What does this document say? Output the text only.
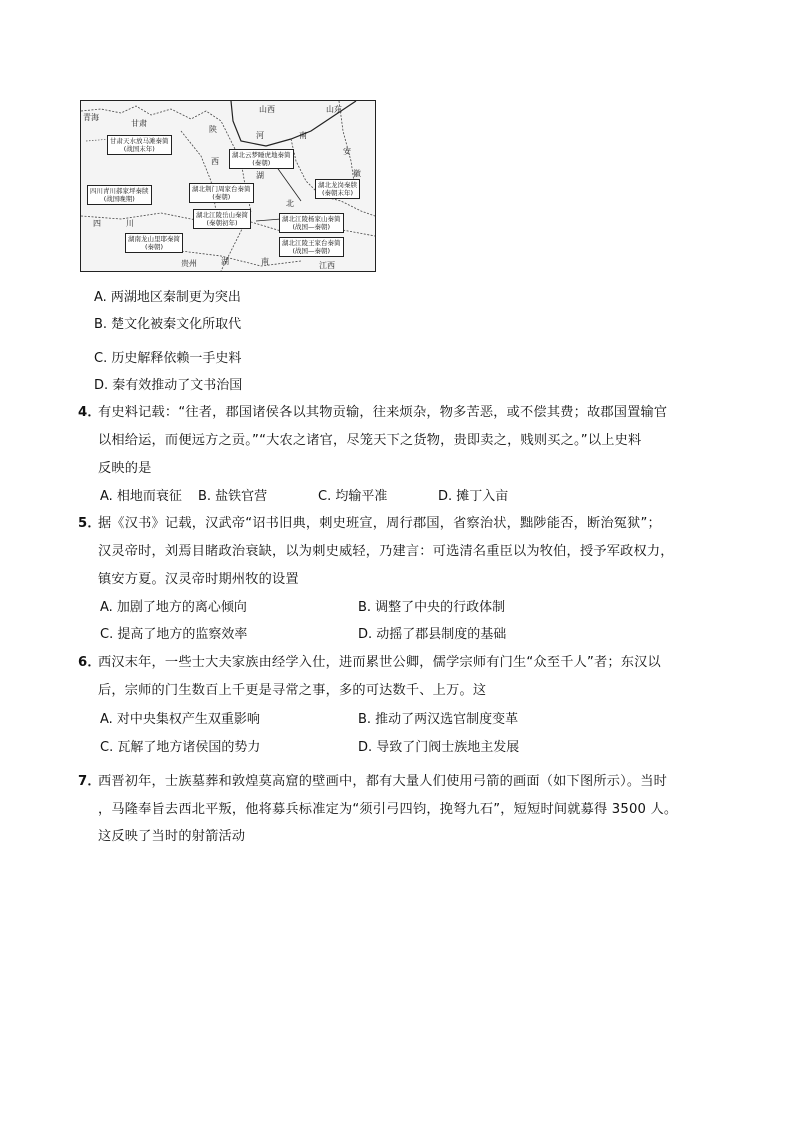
青海
山西	山东
甘肃
陕
河	南
安
西
徽
湖
北
四	川
贵州	湖	南	江西
甘肃天水放马滩秦简
(战国末年)
湖北云梦睡虎地秦简
(秦朝)
四川青川郝家坪秦牍
(战国晚期)
湖北荆门周家台秦简
(秦朝)
湖北龙岗秦牍
(秦朝末年)
湖北江陵岳山秦简
(秦朝初年)	湖北江陵杨家山秦简
(战国—秦朝)
湖南龙山里耶秦简
(秦朝)	湖北江陵王家台秦简
(战国—秦朝)
A. 两湖地区秦制更为突出
B. 楚文化被秦文化所取代
C. 历史解释依赖一手史料
D. 秦有效推动了文书治国
4．
有史料记载：“往者，郡国诸侯各以其物贡输，往来烦杂，物多苦恶，或不偿其费；故郡国置输官
以相给运，而便远方之贡。”“大农之诸官，尽笼天下之货物，贵即卖之，贱则买之。”以上史料
反映的是
A. 相地而衰征 B. 盐铁官营	C. 均输平准	D. 摊丁入亩
5．
据《汉书》记载，汉武帝“诏书旧典，刺史班宣，周行郡国，省察治状，黜陟能否，断治冤狱”；
汉灵帝时，刘焉目睹政治衰缺，以为刺史威轻，乃建言：可选清名重臣以为牧伯，授予军政权力，
镇安方夏。汉灵帝时期州牧的设置
A. 加剧了地方的离心倾向	B. 调整了中央的行政体制
C. 提高了地方的监察效率	D. 动摇了郡县制度的基础
6．
西汉末年，一些士大夫家族由经学入仕，进而累世公卿，儒学宗师有门生“众至千人”者；东汉以
后，宗师的门生数百上千更是寻常之事，多的可达数千、上万。这
A. 对中央集权产生双重影响	B. 推动了两汉选官制度变革
C. 瓦解了地方诸侯国的势力	D. 导致了门阀士族地主发展
7．
西晋初年，士族墓葬和敦煌莫高窟的壁画中，都有大量人们使用弓箭的画面（如下图所示）。当时
，马隆奉旨去西北平叛，他将募兵标准定为“须引弓四钧，挽弩九石”，短短时间就募得 3500 人。
这反映了当时的射箭活动
